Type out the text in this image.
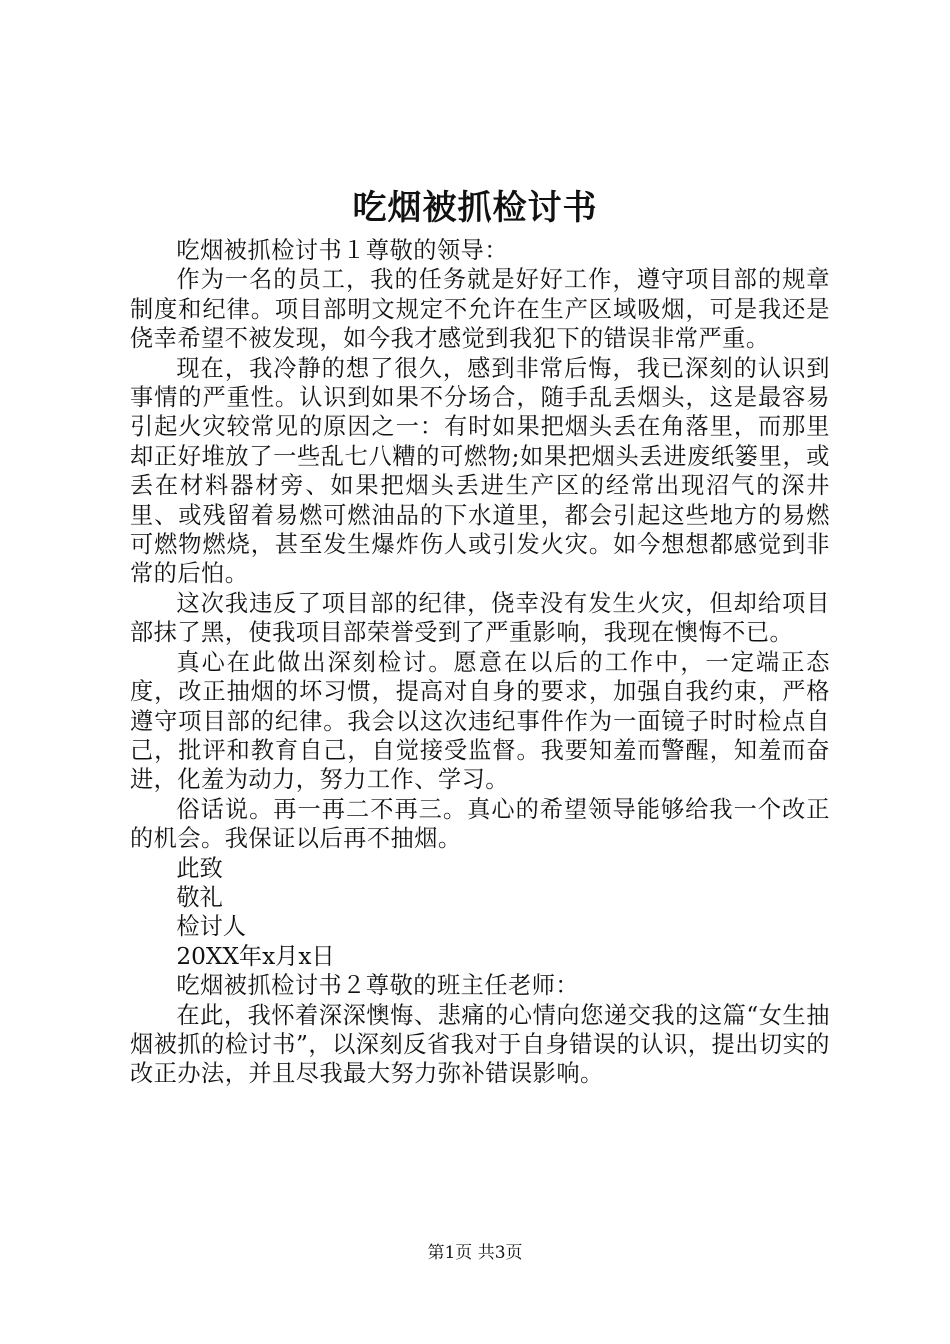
吃烟被抓检讨书

吃烟被抓检讨书１尊敬的领导：

作为一名的员工，我的任务就是好好工作，遵守项目部的规章制度和纪律。项目部明文规定不允许在生产区域吸烟，可是我还是侥幸希望不被发现，如今我才感觉到我犯下的错误非常严重。

现在，我冷静的想了很久，感到非常后悔，我已深刻的认识到事情的严重性。认识到如果不分场合，随手乱丢烟头，这是最容易引起火灾较常见的原因之一：有时如果把烟头丢在角落里，而那里却正好堆放了一些乱七八糟的可燃物;如果把烟头丢进废纸篓里，或丢在材料器材旁、如果把烟头丢进生产区的经常出现沼气的深井里、或残留着易燃可燃油品的下水道里，都会引起这些地方的易燃可燃物燃烧，甚至发生爆炸伤人或引发火灾。如今想想都感觉到非常的后怕。

这次我违反了项目部的纪律，侥幸没有发生火灾，但却给项目部抹了黑，使我项目部荣誉受到了严重影响，我现在懊悔不已。

真心在此做出深刻检讨。愿意在以后的工作中，一定端正态度，改正抽烟的坏习惯，提高对自身的要求，加强自我约束，严格遵守项目部的纪律。我会以这次违纪事件作为一面镜子时时检点自己，批评和教育自己，自觉接受监督。我要知羞而警醒，知羞而奋进，化羞为动力，努力工作、学习。

俗话说。再一再二不再三。真心的希望领导能够给我一个改正的机会。我保证以后再不抽烟。

此致

敬礼

检讨人

20XX年x月x日

吃烟被抓检讨书２尊敬的班主任老师：

在此，我怀着深深懊悔、悲痛的心情向您递交我的这篇“女生抽烟被抓的检讨书”，以深刻反省我对于自身错误的认识，提出切实的改正办法，并且尽我最大努力弥补错误影响。

第1页 共3页
